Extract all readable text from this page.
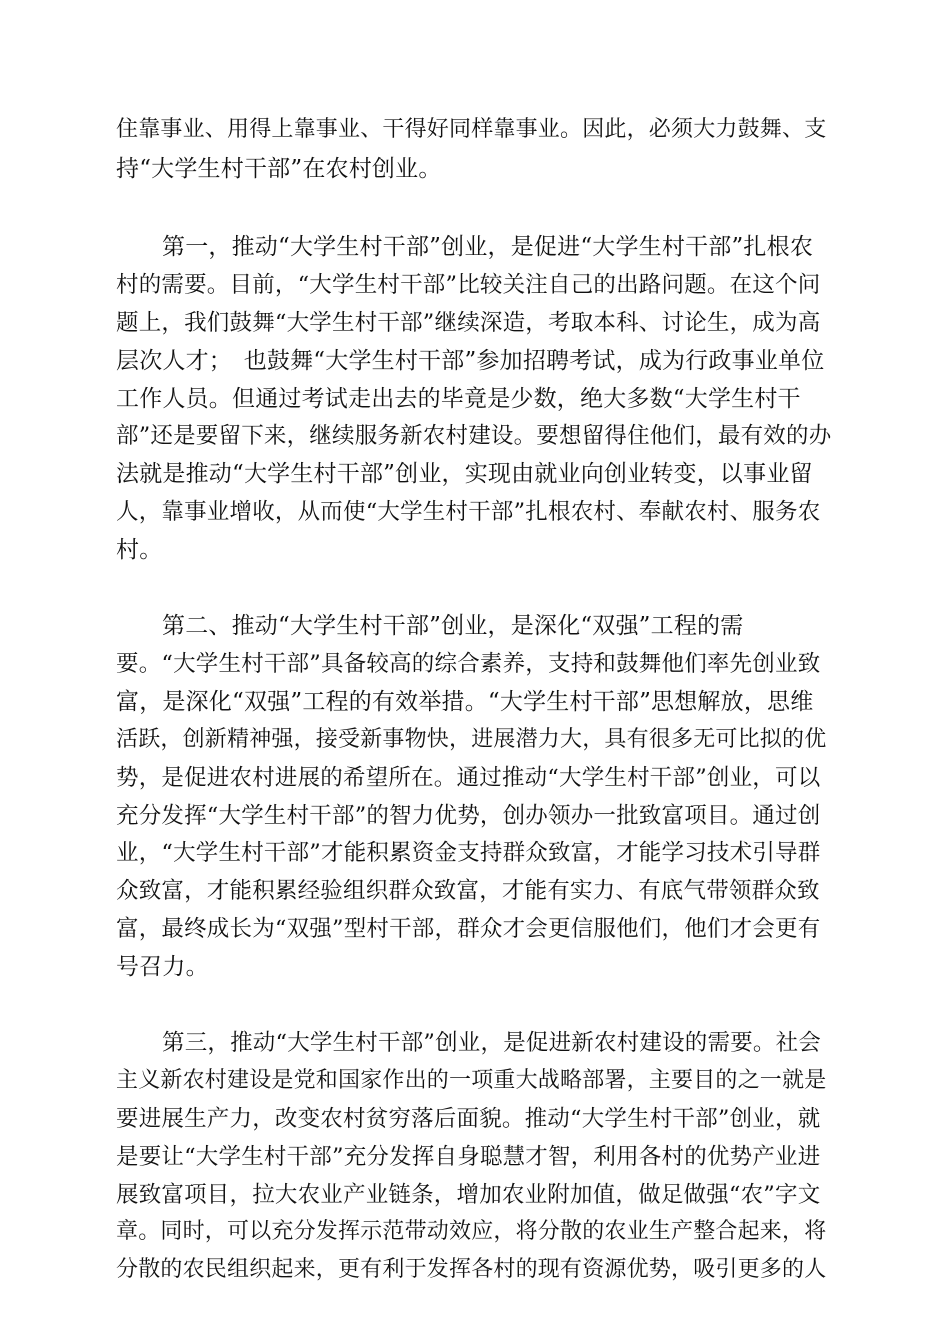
住靠事业、用得上靠事业、干得好同样靠事业。因此，必须大力鼓舞、支
持“大学生村干部”在农村创业。
第一，推动“大学生村干部”创业，是促进“大学生村干部”扎根农
村的需要。目前，“大学生村干部”比较关注自己的出路问题。在这个问
题上，我们鼓舞“大学生村干部”继续深造，考取本科、讨论生，成为高
层次人才；　也鼓舞“大学生村干部”参加招聘考试，成为行政事业单位
工作人员。但通过考试走出去的毕竟是少数，绝大多数“大学生村干
部”还是要留下来，继续服务新农村建设。要想留得住他们，最有效的办
法就是推动“大学生村干部”创业，实现由就业向创业转变，以事业留
人，靠事业增收，从而使“大学生村干部”扎根农村、奉献农村、服务农
村。
第二、推动“大学生村干部”创业，是深化“双强”工程的需
要。“大学生村干部”具备较高的综合素养，支持和鼓舞他们率先创业致
富，是深化“双强”工程的有效举措。“大学生村干部”思想解放，思维
活跃，创新精神强，接受新事物快，进展潜力大，具有很多无可比拟的优
势，是促进农村进展的希望所在。通过推动“大学生村干部”创业，可以
充分发挥“大学生村干部”的智力优势，创办领办一批致富项目。通过创
业，“大学生村干部”才能积累资金支持群众致富，才能学习技术引导群
众致富，才能积累经验组织群众致富，才能有实力、有底气带领群众致
富，最终成长为“双强”型村干部，群众才会更信服他们，他们才会更有
号召力。
第三，推动“大学生村干部”创业，是促进新农村建设的需要。社会
主义新农村建设是党和国家作出的一项重大战略部署，主要目的之一就是
要进展生产力，改变农村贫穷落后面貌。推动“大学生村干部”创业，就
是要让“大学生村干部”充分发挥自身聪慧才智，利用各村的优势产业进
展致富项目，拉大农业产业链条，增加农业附加值，做足做强“农”字文
章。同时，可以充分发挥示范带动效应，将分散的农业生产整合起来，将
分散的农民组织起来，更有利于发挥各村的现有资源优势，吸引更多的人
